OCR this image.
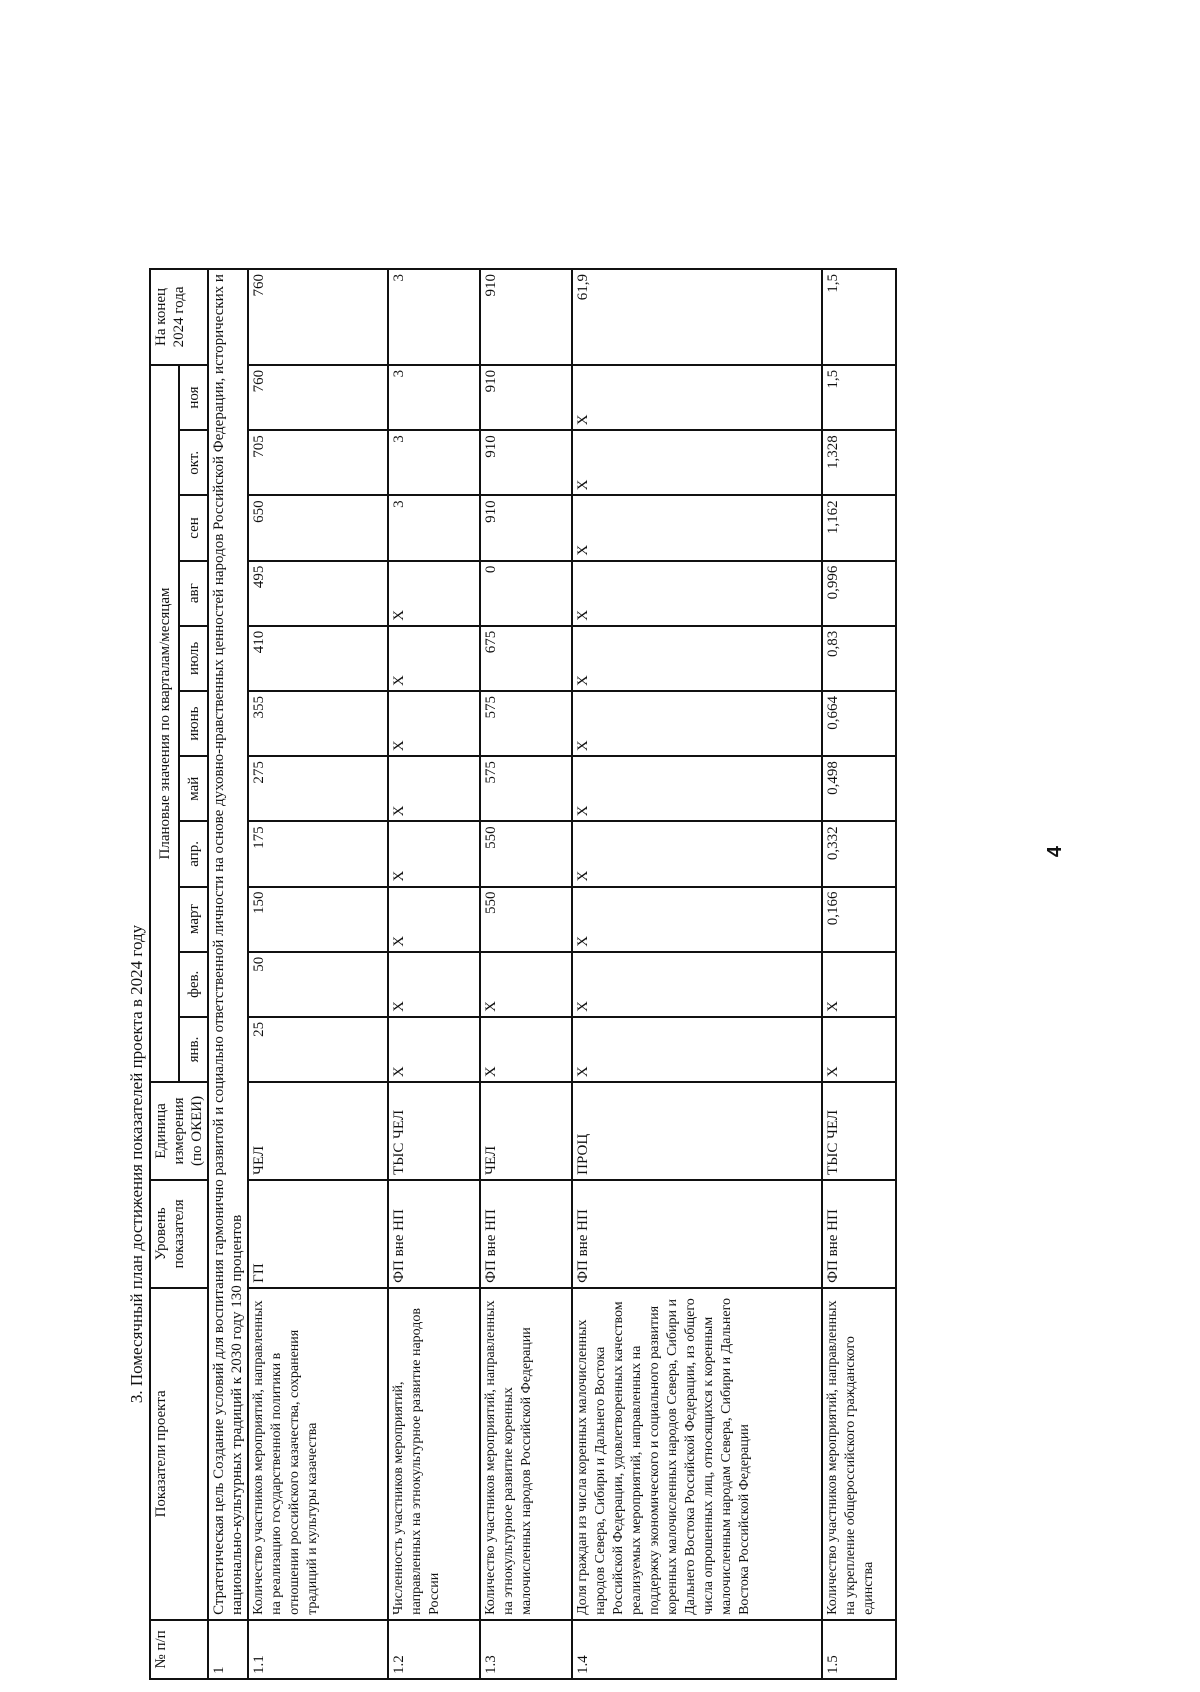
3. Помесячный план достижения показателей проекта в 2024 году
№ п/п	Показатели проекта	Уровень показателя	Единица измерения (по ОКЕИ)	Плановые значения по кварталам/месяцам											На конец 2024 года
				янв.	фев.	март	апр.	май	июнь	июль	авг	сен	окт.	ноя	
1	Стратегическая цель Создание условий для воспитания гармонично развитой и социально ответственной личности на основе духовно-нравственных ценностей народов Российской Федерации, исторических и национально-культурных традиций к 2030 году 130 процентов														
1.1	Количество участников мероприятий, направленных на реализацию государственной политики в отношении российского казачества, сохранения традиций и культуры казачества	ГП	ЧЕЛ	25	50	150	175	275	355	410	495	650	705	760	760
1.2	Численность участников мероприятий, направленных на этнокультурное развитие народов России	ФП вне НП	ТЫС ЧЕЛ	X	X	X	X	X	X	X	X	3	3	3	3
1.3	Количество участников мероприятий, направленных на этнокультурное развитие коренных малочисленных народов Российской Федерации	ФП вне НП	ЧЕЛ	X	X	550	550	575	575	675	0	910	910	910	910
1.4	Доля граждан из числа коренных малочисленных народов Севера, Сибири и Дальнего Востока Российской Федерации, удовлетворенных качеством реализуемых мероприятий, направленных на поддержку экономического и социального развития коренных малочисленных народов Севера, Сибири и Дальнего Востока Российской Федерации, из общего числа опрошенных лиц, относящихся к коренным малочисленным народам Севера, Сибири и Дальнего Востока Российской Федерации	ФП вне НП	ПРОЦ	X	X	X	X	X	X	X	X	X	X	X	61,9
1.5	Количество участников мероприятий, направленных на укрепление общероссийского гражданского единства	ФП вне НП	ТЫС ЧЕЛ	X	X	0,166	0,332	0,498	0,664	0,83	0,996	1,162	1,328	1,5	1,5
4
